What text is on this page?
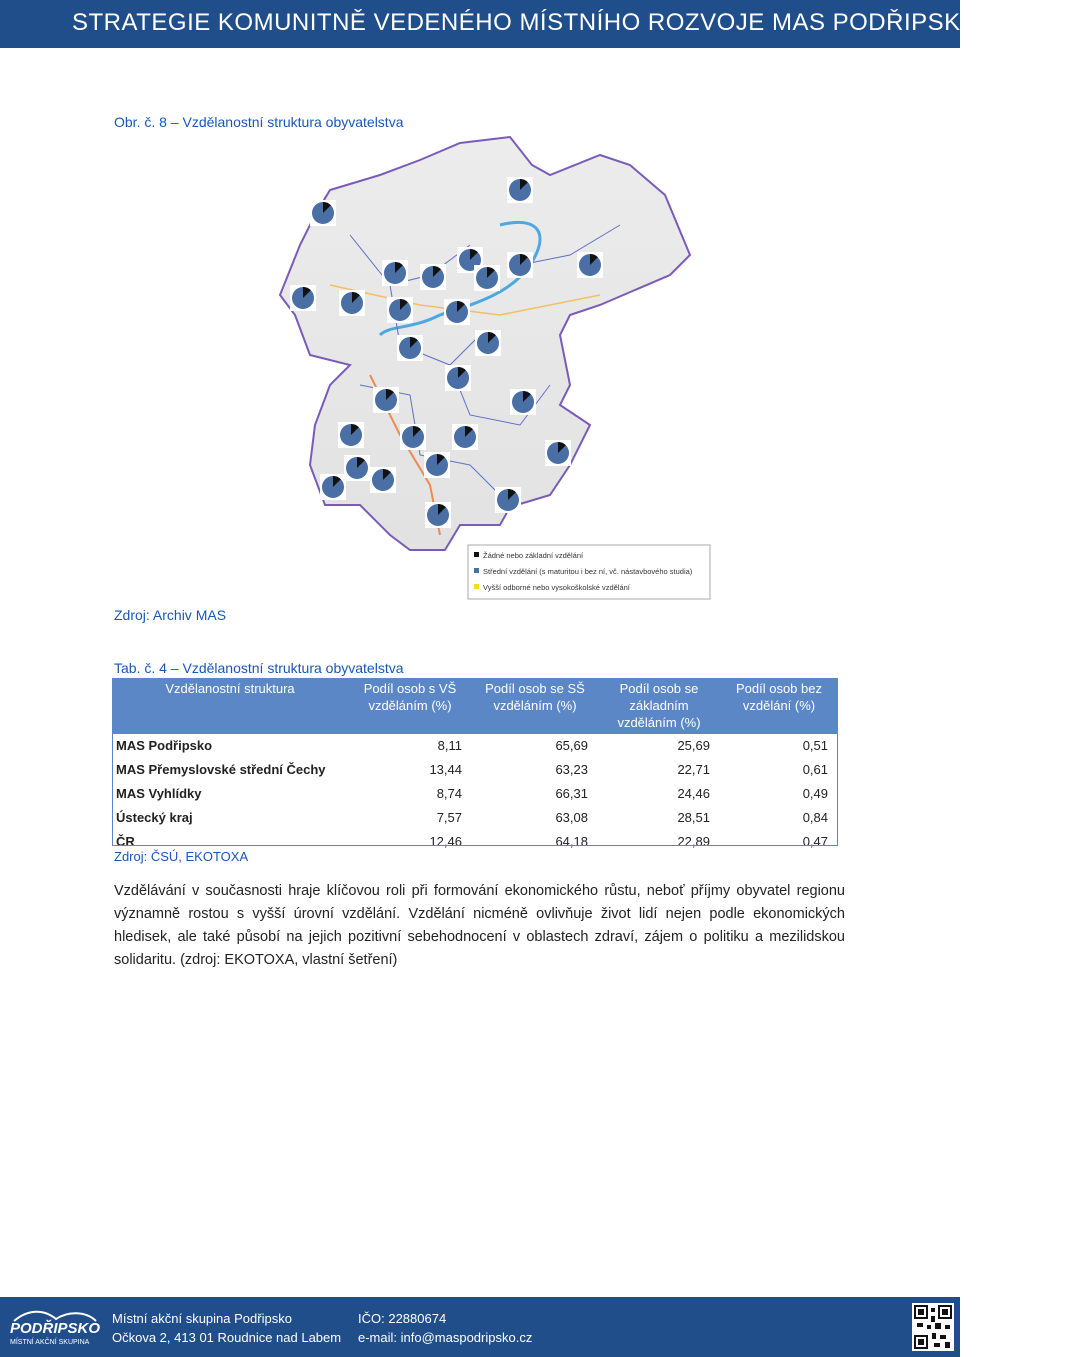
STRATEGIE KOMUNITNĚ VEDENÉHO MÍSTNÍHO ROZVOJE MAS PODŘIPSKO 2014-20
Obr. č. 8 – Vzdělanostní struktura obyvatelstva
Žádné nebo základní vzdělání
Střední vzdělání (s maturitou i bez ní, vč. nástavbového studia)
Vyšší odborné nebo vysokoškolské vzdělání
Zdroj: Archiv MAS
Tab. č. 4 – Vzdělanostní struktura obyvatelstva
Vzdělanostní struktura	Podíl osob s VŠ vzděláním (%)	Podíl osob se SŠ vzděláním (%)	Podíl osob se základním vzděláním (%)	Podíl osob bez vzdělání (%)
MAS Podřipsko	8,11	65,69	25,69	0,51
MAS Přemyslovské střední Čechy	13,44	63,23	22,71	0,61
MAS Vyhlídky	8,74	66,31	24,46	0,49
Ústecký kraj	7,57	63,08	28,51	0,84
ČR	12,46	64,18	22,89	0,47
Zdroj: ČSÚ, EKOTOXA
Vzdělávání v současnosti hraje klíčovou roli při formování ekonomického růstu, neboť příjmy obyvatel regionu významně rostou s vyšší úrovní vzdělání. Vzdělání nicméně ovlivňuje život lidí nejen podle ekonomických hledisek, ale také působí na jejich pozitivní sebehodnocení v oblastech zdraví, zájem o politiku a mezilidskou solidaritu. (zdroj: EKOTOXA, vlastní šetření)
PODŘIPSKO
MÍSTNÍ AKČNÍ SKUPINA
Místní akční skupina Podřipsko
Očkova 2, 413 01 Roudnice nad Labem
IČO: 22880674
e-mail: info@maspodripsko.cz
